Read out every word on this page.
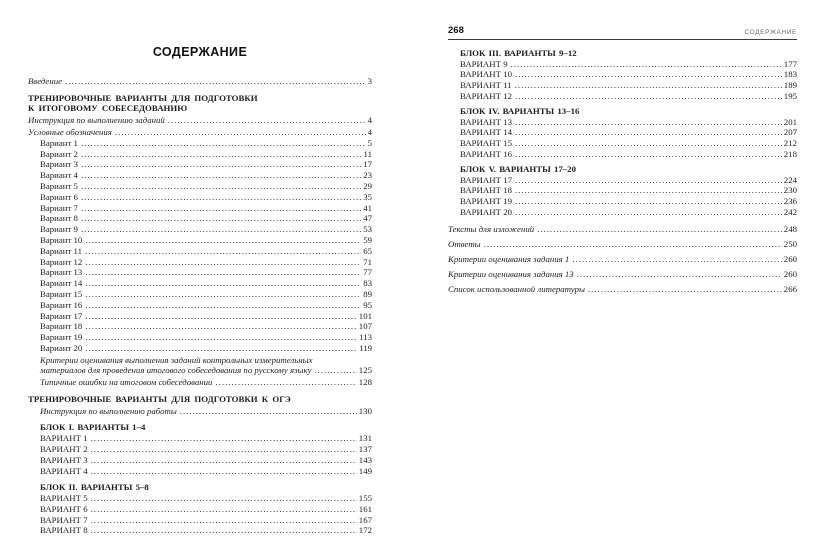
СОДЕРЖАНИЕ
Введение .....	3
ТРЕНИРОВОЧНЫЕ ВАРИАНТЫ ДЛЯ ПОДГОТОВКИ
К ИТОГОВОМУ СОБЕСЕДОВАНИЮ
Инструкция по выполнению заданий .....	4
Условные обозначения .....	4
Вариант 1 .....	5
Вариант 2 .....	11
Вариант 3 .....	17
Вариант 4 .....	23
Вариант 5 .....	29
Вариант 6 .....	35
Вариант 7 .....	41
Вариант 8 .....	47
Вариант 9 .....	53
Вариант 10 .....	59
Вариант 11 .....	65
Вариант 12 .....	71
Вариант 13 .....	77
Вариант 14 .....	83
Вариант 15 .....	89
Вариант 16 .....	95
Вариант 17 .....	101
Вариант 18 .....	107
Вариант 19 .....	113
Вариант 20 .....	119
Критерии оценивания выполнения заданий контрольных измерительных
материалов для проведения итогового собеседования по русскому языку .....	125
Типичные ошибки на итоговом собеседовании .....	128
ТРЕНИРОВОЧНЫЕ ВАРИАНТЫ ДЛЯ ПОДГОТОВКИ К ОГЭ
Инструкция по выполнению работы .....	130
БЛОК I. ВАРИАНТЫ 1–4
ВАРИАНТ 1 .....	131
ВАРИАНТ 2 .....	137
ВАРИАНТ 3 .....	143
ВАРИАНТ 4 .....	149
БЛОК II. ВАРИАНТЫ 5–8
ВАРИАНТ 5 .....	155
ВАРИАНТ 6 .....	161
ВАРИАНТ 7 .....	167
ВАРИАНТ 8 .....	172
268	СОДЕРЖАНИЕ
БЛОК III. ВАРИАНТЫ 9–12
ВАРИАНТ 9 .....	177
ВАРИАНТ 10 .....	183
ВАРИАНТ 11 .....	189
ВАРИАНТ 12 .....	195
БЛОК IV. ВАРИАНТЫ 13–16
ВАРИАНТ 13 .....	201
ВАРИАНТ 14 .....	207
ВАРИАНТ 15 .....	212
ВАРИАНТ 16 .....	218
БЛОК V. ВАРИАНТЫ 17–20
ВАРИАНТ 17 .....	224
ВАРИАНТ 18 .....	230
ВАРИАНТ 19 .....	236
ВАРИАНТ 20 .....	242
Тексты для изложений .....	248
Ответы .....	250
Критерии оценивания задания 1 .....	260
Критерии оценивания задания 13 .....	260
Список использованной литературы .....	266
